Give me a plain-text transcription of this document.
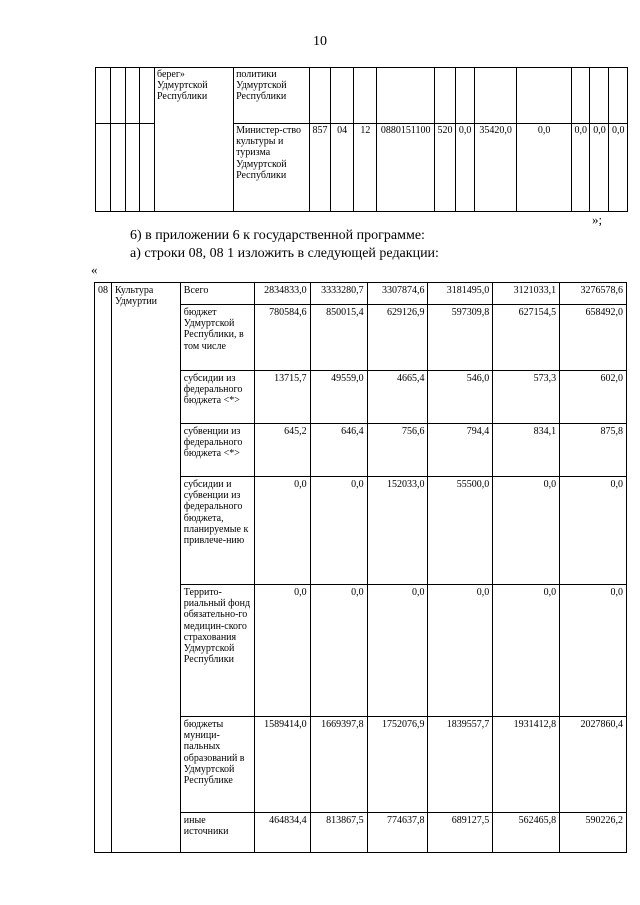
10
				берег» Удмуртской Республики	политики Удмуртской Республики											
					Министер-ство культуры и туризма Удмуртской Республики	857	04	12	0880151100	520	0,0	35420,0	0,0	0,0	0,0	0,0
»;
6) в приложении 6 к государственной программе:
а) строки 08, 08 1 изложить в следующей редакции:
«
08	Культура Удмуртии	Всего	2834833,0	3333280,7	3307874,6	3181495,0	3121033,1	3276578,6
		бюджет Удмуртской Республики, в том числе	780584,6	850015,4	629126,9	597309,8	627154,5	658492,0
		субсидии из федерального бюджета <*>	13715,7	49559,0	4665,4	546,0	573,3	602,0
		субвенции из федерального бюджета <*>	645,2	646,4	756,6	794,4	834,1	875,8
		субсидии и субвенции из федерального бюджета, планируемые к привлече-нию	0,0	0,0	152033,0	55500,0	0,0	0,0
		Террито-риальный фонд обязательно-го медицин-ского страхования Удмуртской Республики	0,0	0,0	0,0	0,0	0,0	0,0
		бюджеты муници-пальных образований в Удмуртской Республике	1589414,0	1669397,8	1752076,9	1839557,7	1931412,8	2027860,4
		иные источники	464834,4	813867,5	774637,8	689127,5	562465,8	590226,2
